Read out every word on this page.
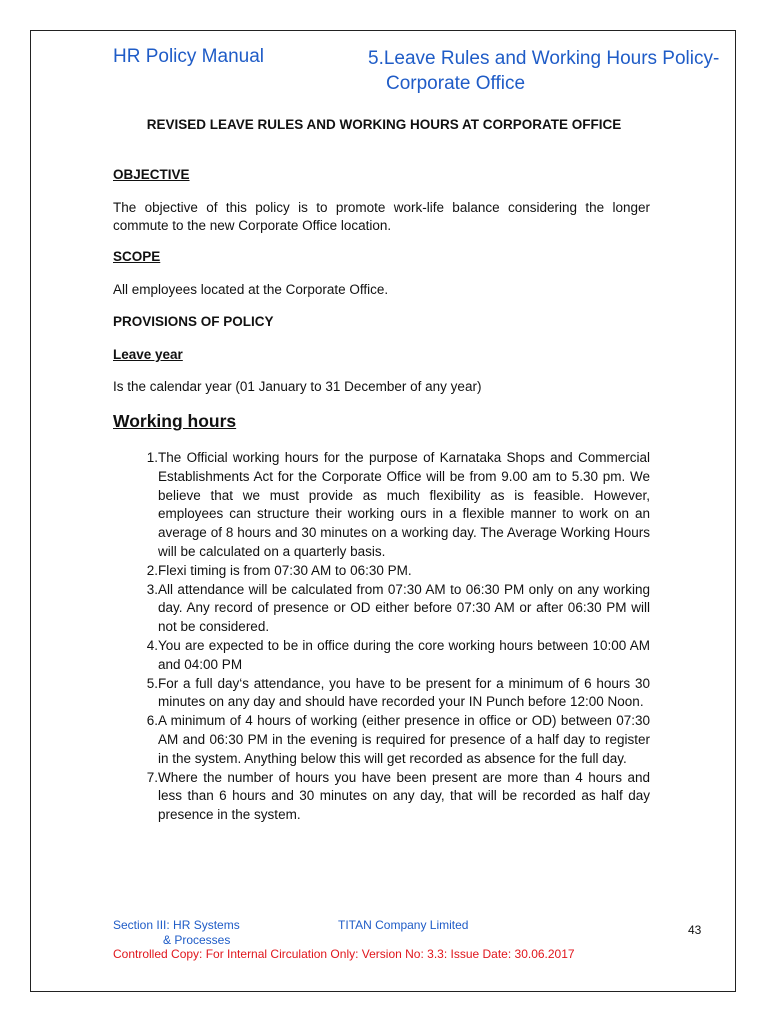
HR Policy Manual	5.Leave Rules and Working Hours Policy-
Corporate Office
REVISED LEAVE RULES AND WORKING HOURS AT CORPORATE OFFICE
OBJECTIVE
The objective of this policy is to promote work-life balance considering the longer commute to the new Corporate Office location.
SCOPE
All employees located at the Corporate Office.
PROVISIONS OF POLICY
Leave year
Is the calendar year (01 January to 31 December of any year)
Working hours
1. The Official working hours for the purpose of Karnataka Shops and Commercial Establishments Act for the Corporate Office will be from 9.00 am to 5.30 pm. We believe that we must provide as much flexibility as is feasible. However, employees can structure their working ours in a flexible manner to work on an average of 8 hours and 30 minutes on a working day. The Average Working Hours will be calculated on a quarterly basis.
2. Flexi timing is from 07:30 AM to 06:30 PM.
3. All attendance will be calculated from 07:30 AM to 06:30 PM only on any working day. Any record of presence or OD either before 07:30 AM or after 06:30 PM will not be considered.
4. You are expected to be in office during the core working hours between 10:00 AM and 04:00 PM
5. For a full day‘s attendance, you have to be present for a minimum of 6 hours 30 minutes on any day and should have recorded your IN Punch before 12:00 Noon.
6. A minimum of 4 hours of working (either presence in office or OD) between 07:30 AM and 06:30 PM in the evening is required for presence of a half day to register in the system. Anything below this will get recorded as absence for the full day.
7. Where the number of hours you have been present are more than 4 hours and less than 6 hours and 30 minutes on any day, that will be recorded as half day presence in the system.
Section III: HR Systems
& Processes
TITAN Company Limited	43
Controlled Copy: For Internal Circulation Only: Version No: 3.3: Issue Date: 30.06.2017
